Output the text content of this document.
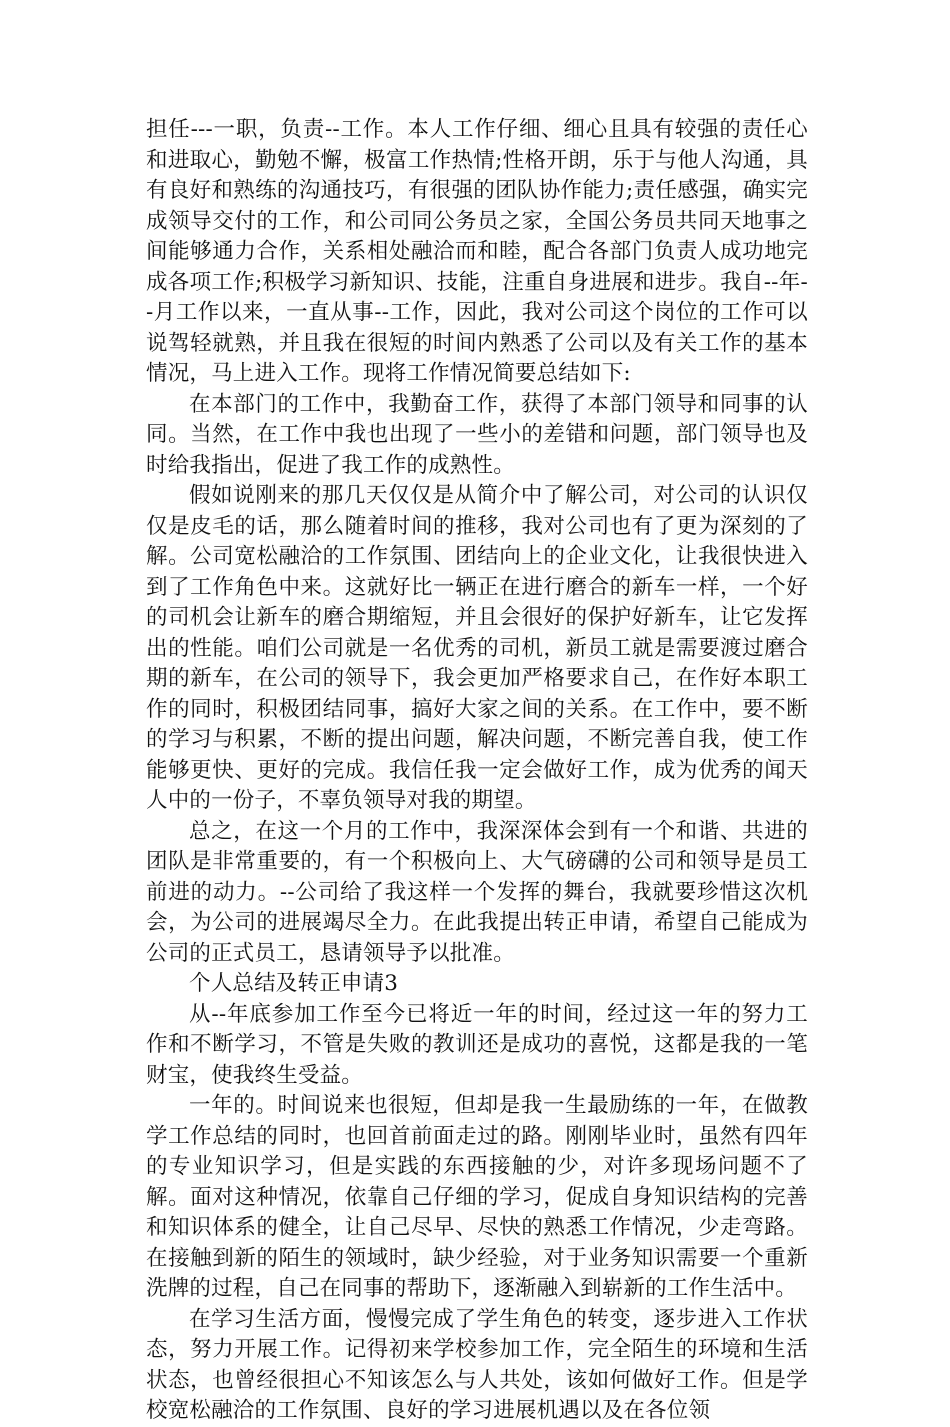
担任---一职，负责--工作。本人工作仔细、细心且具有较强的责任心和进取心，勤勉不懈，极富工作热情;性格开朗，乐于与他人沟通，具有良好和熟练的沟通技巧，有很强的团队协作能力;责任感强，确实完成领导交付的工作，和公司同公务员之家，全国公务员共同天地事之间能够通力合作，关系相处融洽而和睦，配合各部门负责人成功地完成各项工作;积极学习新知识、技能，注重自身进展和进步。我自--年--月工作以来，一直从事--工作，因此，我对公司这个岗位的工作可以说驾轻就熟，并且我在很短的时间内熟悉了公司以及有关工作的基本情况，马上进入工作。现将工作情况简要总结如下:

在本部门的工作中，我勤奋工作，获得了本部门领导和同事的认同。当然，在工作中我也出现了一些小的差错和问题，部门领导也及时给我指出，促进了我工作的成熟性。

假如说刚来的那几天仅仅是从简介中了解公司，对公司的认识仅仅是皮毛的话，那么随着时间的推移，我对公司也有了更为深刻的了解。公司宽松融洽的工作氛围、团结向上的企业文化，让我很快进入到了工作角色中来。这就好比一辆正在进行磨合的新车一样，一个好的司机会让新车的磨合期缩短，并且会很好的保护好新车，让它发挥出的性能。咱们公司就是一名优秀的司机，新员工就是需要渡过磨合期的新车，在公司的领导下，我会更加严格要求自己，在作好本职工作的同时，积极团结同事，搞好大家之间的关系。在工作中，要不断的学习与积累，不断的提出问题，解决问题，不断完善自我，使工作能够更快、更好的完成。我信任我一定会做好工作，成为优秀的闻天人中的一份子，不辜负领导对我的期望。

总之，在这一个月的工作中，我深深体会到有一个和谐、共进的团队是非常重要的，有一个积极向上、大气磅礴的公司和领导是员工前进的动力。--公司给了我这样一个发挥的舞台，我就要珍惜这次机会，为公司的进展竭尽全力。在此我提出转正申请，希望自己能成为公司的正式员工，恳请领导予以批准。

个人总结及转正申请3

从--年底参加工作至今已将近一年的时间，经过这一年的努力工作和不断学习，不管是失败的教训还是成功的喜悦，这都是我的一笔财宝，使我终生受益。

一年的。时间说来也很短，但却是我一生最励练的一年，在做教学工作总结的同时，也回首前面走过的路。刚刚毕业时，虽然有四年的专业知识学习，但是实践的东西接触的少，对许多现场问题不了解。面对这种情况，依靠自己仔细的学习，促成自身知识结构的完善和知识体系的健全，让自己尽早、尽快的熟悉工作情况，少走弯路。在接触到新的陌生的领域时，缺少经验，对于业务知识需要一个重新洗牌的过程，自己在同事的帮助下，逐渐融入到崭新的工作生活中。

在学习生活方面，慢慢完成了学生角色的转变，逐步进入工作状态，努力开展工作。记得初来学校参加工作，完全陌生的环境和生活状态，也曾经很担心不知该怎么与人共处，该如何做好工作。但是学校宽松融洽的工作氛围、良好的学习进展机遇以及在各位领
